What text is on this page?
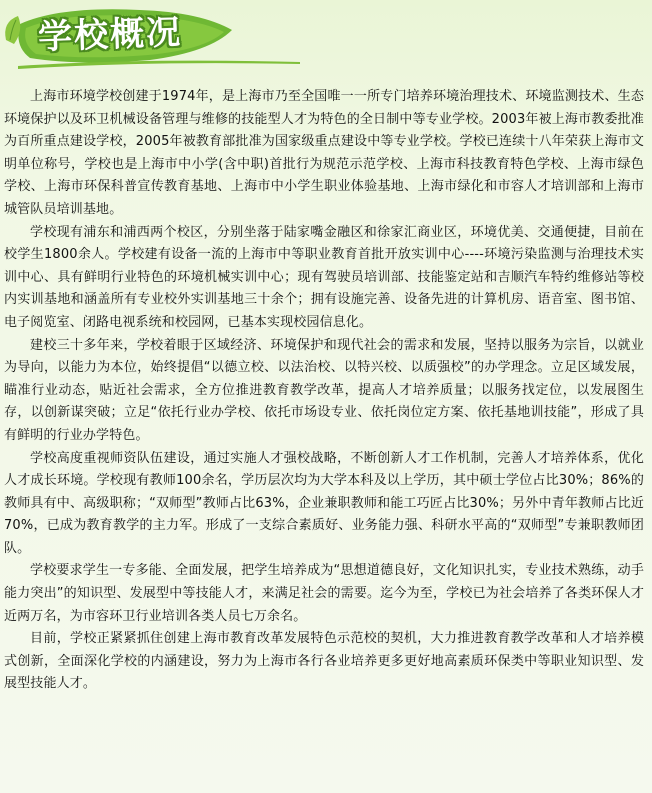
学校概况

上海市环境学校创建于1974年，是上海市乃至全国唯一一所专门培养环境治理技术、环境监测技术、生态环境保护以及环卫机械设备管理与维修的技能型人才为特色的全日制中等专业学校。2003年被上海市教委批准为百所重点建设学校，2005年被教育部批准为国家级重点建设中等专业学校。学校已连续十八年荣获上海市文明单位称号，学校也是上海市中小学(含中职)首批行为规范示范学校、上海市科技教育特色学校、上海市绿色学校、上海市环保科普宣传教育基地、上海市中小学生职业体验基地、上海市绿化和市容人才培训部和上海市城管队员培训基地。

学校现有浦东和浦西两个校区，分别坐落于陆家嘴金融区和徐家汇商业区，环境优美、交通便捷，目前在校学生1800余人。学校建有设备一流的上海市中等职业教育首批开放实训中心----环境污染监测与治理技术实训中心、具有鲜明行业特色的环境机械实训中心；现有驾驶员培训部、技能鉴定站和吉顺汽车特约维修站等校内实训基地和涵盖所有专业校外实训基地三十余个；拥有设施完善、设备先进的计算机房、语音室、图书馆、电子阅览室、闭路电视系统和校园网，已基本实现校园信息化。

建校三十多年来，学校着眼于区域经济、环境保护和现代社会的需求和发展，坚持以服务为宗旨，以就业为导向，以能力为本位，始终提倡“以德立校、以法治校、以特兴校、以质强校”的办学理念。立足区域发展，瞄准行业动态，贴近社会需求，全方位推进教育教学改革，提高人才培养质量；以服务找定位，以发展图生存，以创新谋突破；立足“依托行业办学校、依托市场设专业、依托岗位定方案、依托基地训技能”，形成了具有鲜明的行业办学特色。

学校高度重视师资队伍建设，通过实施人才强校战略，不断创新人才工作机制，完善人才培养体系，优化人才成长环境。学校现有教师100余名，学历层次均为大学本科及以上学历，其中硕士学位占比30%；86%的教师具有中、高级职称；“双师型”教师占比63%，企业兼职教师和能工巧匠占比30%；另外中青年教师占比近70%，已成为教育教学的主力军。形成了一支综合素质好、业务能力强、科研水平高的“双师型”专兼职教师团队。

学校要求学生一专多能、全面发展，把学生培养成为“思想道德良好，文化知识扎实，专业技术熟练，动手能力突出”的知识型、发展型中等技能人才，来满足社会的需要。迄今为至，学校已为社会培养了各类环保人才近两万名，为市容环卫行业培训各类人员七万余名。

目前，学校正紧紧抓住创建上海市教育改革发展特色示范校的契机，大力推进教育教学改革和人才培养模式创新，全面深化学校的内涵建设，努力为上海市各行各业培养更多更好地高素质环保类中等职业知识型、发展型技能人才。
